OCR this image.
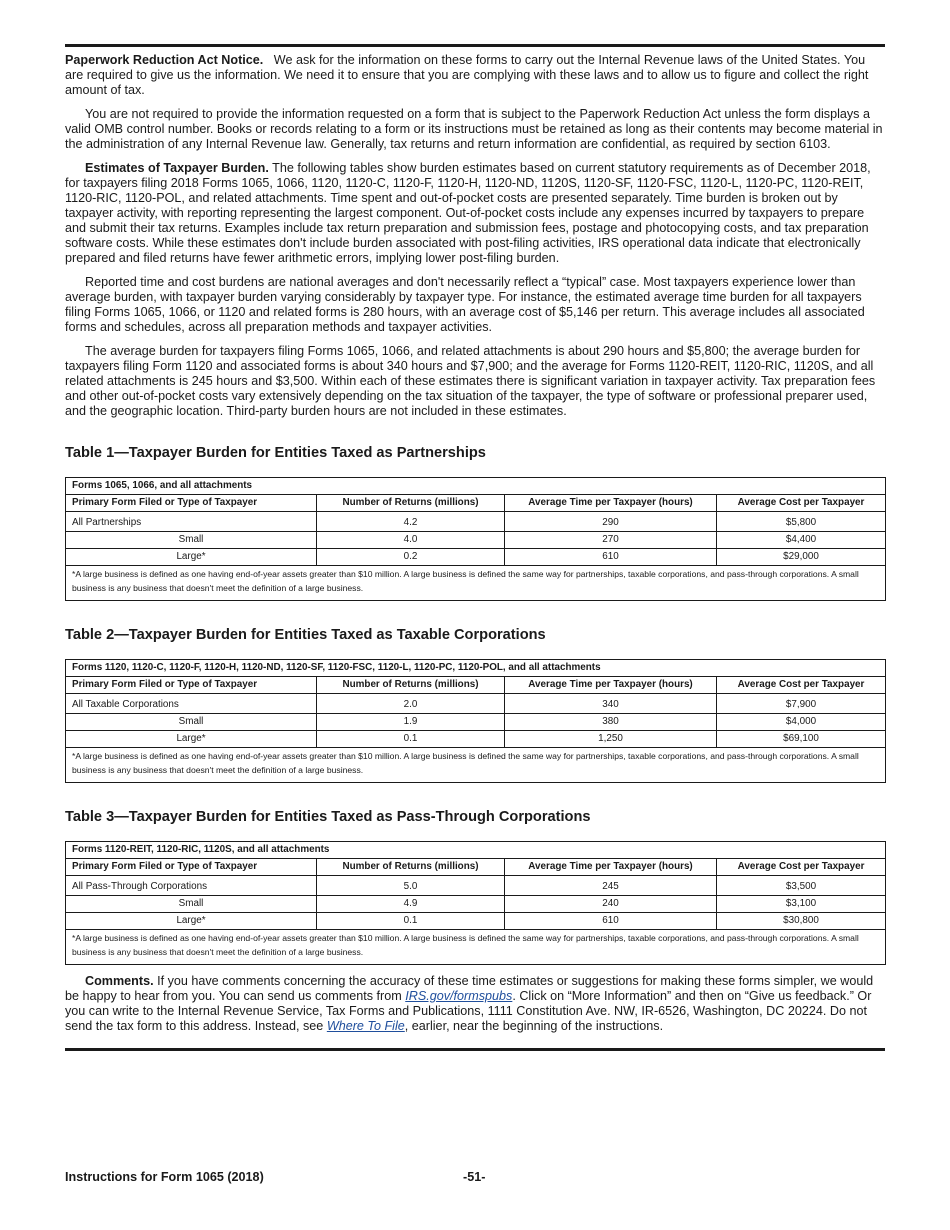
Paperwork Reduction Act Notice. We ask for the information on these forms to carry out the Internal Revenue laws of the United States. You are required to give us the information. We need it to ensure that you are complying with these laws and to allow us to figure and collect the right amount of tax.

You are not required to provide the information requested on a form that is subject to the Paperwork Reduction Act unless the form displays a valid OMB control number. Books or records relating to a form or its instructions must be retained as long as their contents may become material in the administration of any Internal Revenue law. Generally, tax returns and return information are confidential, as required by section 6103.

Estimates of Taxpayer Burden. The following tables show burden estimates based on current statutory requirements as of December 2018, for taxpayers filing 2018 Forms 1065, 1066, 1120, 1120-C, 1120-F, 1120-H, 1120-ND, 1120S, 1120-SF, 1120-FSC, 1120-L, 1120-PC, 1120-REIT, 1120-RIC, 1120-POL, and related attachments. Time spent and out-of-pocket costs are presented separately. Time burden is broken out by taxpayer activity, with reporting representing the largest component. Out-of-pocket costs include any expenses incurred by taxpayers to prepare and submit their tax returns. Examples include tax return preparation and submission fees, postage and photocopying costs, and tax preparation software costs. While these estimates don't include burden associated with post-filing activities, IRS operational data indicate that electronically prepared and filed returns have fewer arithmetic errors, implying lower post-filing burden.

Reported time and cost burdens are national averages and don't necessarily reflect a “typical” case. Most taxpayers experience lower than average burden, with taxpayer burden varying considerably by taxpayer type. For instance, the estimated average time burden for all taxpayers filing Forms 1065, 1066, or 1120 and related forms is 280 hours, with an average cost of $5,146 per return. This average includes all associated forms and schedules, across all preparation methods and taxpayer activities.

The average burden for taxpayers filing Forms 1065, 1066, and related attachments is about 290 hours and $5,800; the average burden for taxpayers filing Form 1120 and associated forms is about 340 hours and $7,900; and the average for Forms 1120-REIT, 1120-RIC, 1120S, and all related attachments is 245 hours and $3,500. Within each of these estimates there is significant variation in taxpayer activity. Tax preparation fees and other out-of-pocket costs vary extensively depending on the tax situation of the taxpayer, the type of software or professional preparer used, and the geographic location. Third-party burden hours are not included in these estimates.

Table 1—Taxpayer Burden for Entities Taxed as Partnerships
Forms 1065, 1066, and all attachments			
Primary Form Filed or Type of Taxpayer	Number of Returns (millions)	Average Time per Taxpayer (hours)	Average Cost per Taxpayer
All Partnerships	4.2	290	$5,800
Small	4.0	270	$4,400
Large*	0.2	610	$29,000
*A large business is defined as one having end-of-year assets greater than $10 million. A large business is defined the same way for partnerships, taxable corporations, and pass-through corporations. A small business is any business that doesn't meet the definition of a large business.			
Table 2—Taxpayer Burden for Entities Taxed as Taxable Corporations
Forms 1120, 1120-C, 1120-F, 1120-H, 1120-ND, 1120-SF, 1120-FSC, 1120-L, 1120-PC, 1120-POL, and all attachments			
Primary Form Filed or Type of Taxpayer	Number of Returns (millions)	Average Time per Taxpayer (hours)	Average Cost per Taxpayer
All Taxable Corporations	2.0	340	$7,900
Small	1.9	380	$4,000
Large*	0.1	1,250	$69,100
*A large business is defined as one having end-of-year assets greater than $10 million. A large business is defined the same way for partnerships, taxable corporations, and pass-through corporations. A small business is any business that doesn't meet the definition of a large business.			
Table 3—Taxpayer Burden for Entities Taxed as Pass-Through Corporations
Forms 1120-REIT, 1120-RIC, 1120S, and all attachments			
Primary Form Filed or Type of Taxpayer	Number of Returns (millions)	Average Time per Taxpayer (hours)	Average Cost per Taxpayer
All Pass-Through Corporations	5.0	245	$3,500
Small	4.9	240	$3,100
Large*	0.1	610	$30,800
*A large business is defined as one having end-of-year assets greater than $10 million. A large business is defined the same way for partnerships, taxable corporations, and pass-through corporations. A small business is any business that doesn't meet the definition of a large business.			

Comments. If you have comments concerning the accuracy of these time estimates or suggestions for making these forms simpler, we would be happy to hear from you. You can send us comments from IRS.gov/formspubs. Click on “More Information” and then on “Give us feedback.” Or you can write to the Internal Revenue Service, Tax Forms and Publications, 1111 Constitution Ave. NW, IR-6526, Washington, DC 20224. Do not send the tax form to this address. Instead, see Where To File, earlier, near the beginning of the instructions.

Instructions for Form 1065 (2018)	-51-
